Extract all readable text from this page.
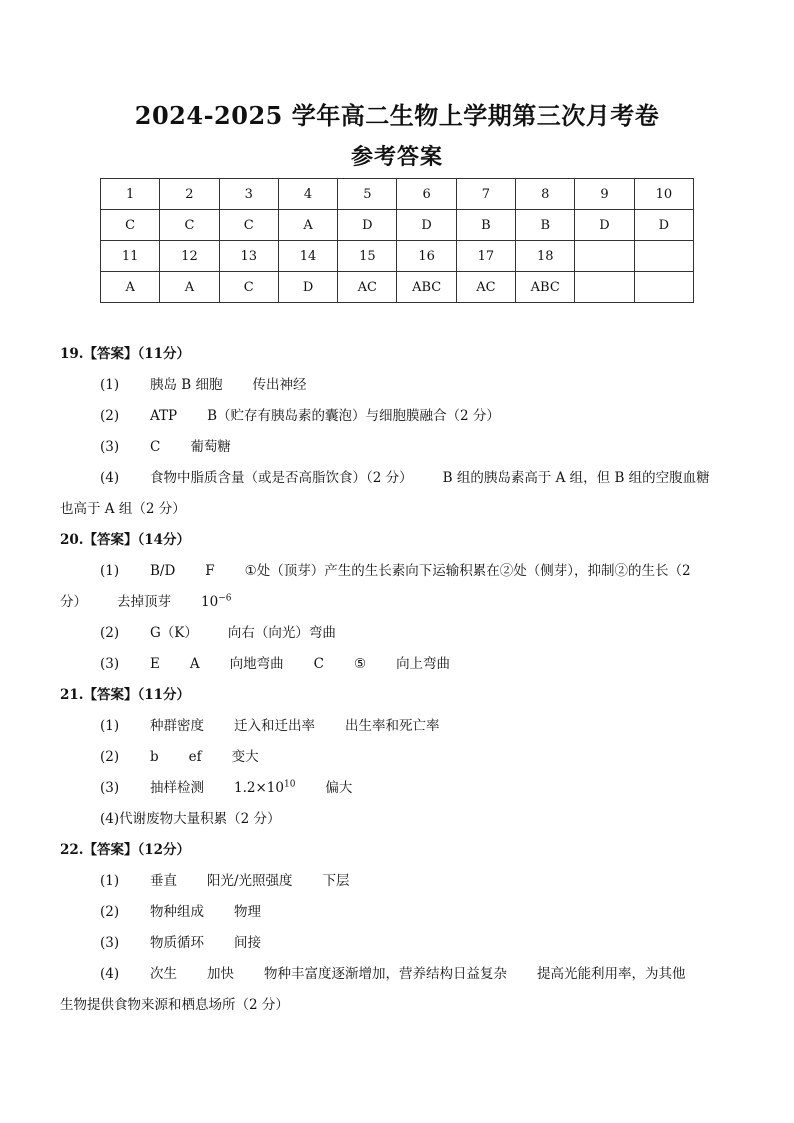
2024-2025 学年高二生物上学期第三次月考卷
参考答案
1	2	3	4	5	6	7	8	9	10
C	C	C	A	D	D	B	B	D	D
11	12	13	14	15	16	17	18		
A	A	C	D	AC	ABC	AC	ABC		
19.【答案】（11分）
(1) 胰岛 B 细胞 传出神经
(2) ATP B（贮存有胰岛素的囊泡）与细胞膜融合（2 分）
(3) C 葡萄糖
(4) 食物中脂质含量（或是否高脂饮食）（2 分） B 组的胰岛素高于 A 组，但 B 组的空腹血糖
也高于 A 组（2 分）
20.【答案】（14分）
(1) B/D F ①处（顶芽）产生的生长素向下运输积累在②处（侧芽），抑制②的生长（2
分） 去掉顶芽 $10^{-6}$
(2) G（K） 向右（向光）弯曲
(3) E A 向地弯曲 C ⑤ 向上弯曲
21.【答案】（11分）
(1) 种群密度 迁入和迁出率 出生率和死亡率
(2) b ef 变大
(3) 抽样检测 $1.2\times 10^{10}$ 偏大
(4)代谢废物大量积累（2 分）
22.【答案】（12分）
(1) 垂直 阳光/光照强度 下层
(2) 物种组成 物理
(3) 物质循环 间接
(4) 次生 加快 物种丰富度逐渐增加，营养结构日益复杂 提高光能利用率，为其他
生物提供食物来源和栖息场所（2 分）
